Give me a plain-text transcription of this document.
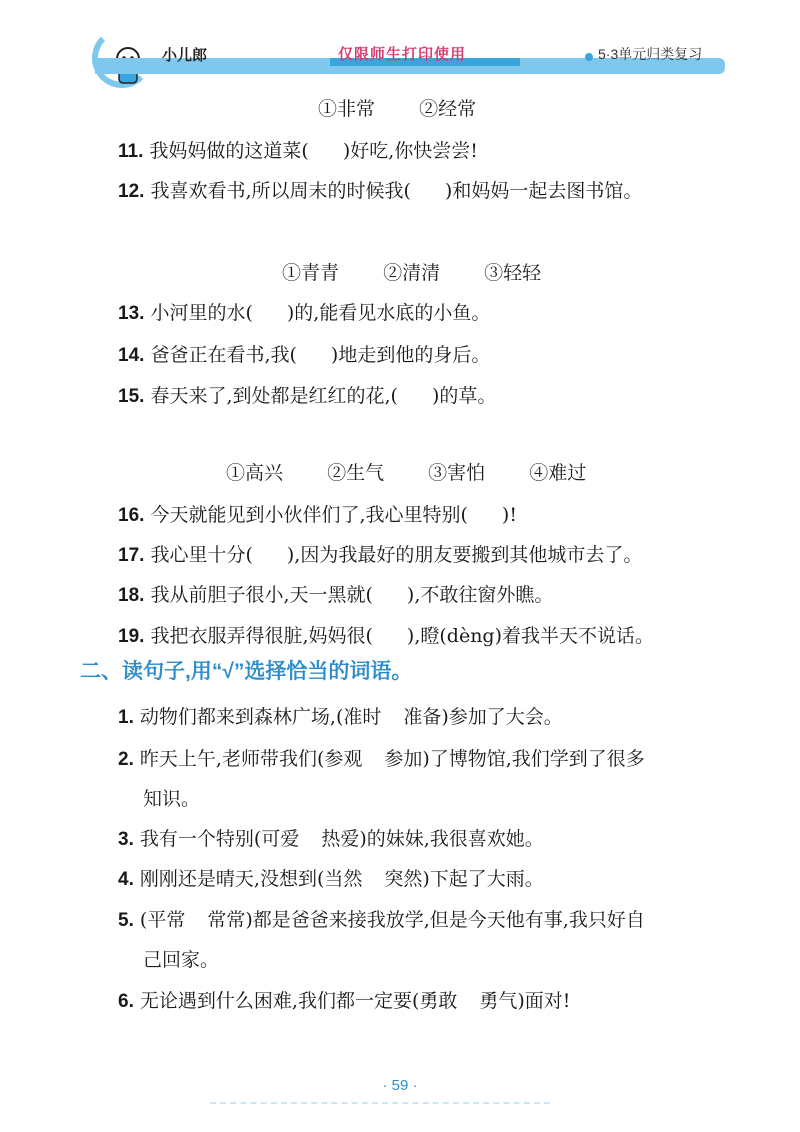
小儿郎	仅限师生打印使用	5·3单元归类复习
①非常 ②经常
11. 我妈妈做的这道菜( )好吃,你快尝尝!
12. 我喜欢看书,所以周末的时候我( )和妈妈一起去图书馆。
①青青 ②清清 ③轻轻
13. 小河里的水( )的,能看见水底的小鱼。
14. 爸爸正在看书,我( )地走到他的身后。
15. 春天来了,到处都是红红的花,( )的草。
①高兴 ②生气 ③害怕 ④难过
16. 今天就能见到小伙伴们了,我心里特别( )!
17. 我心里十分( ),因为我最好的朋友要搬到其他城市去了。
18. 我从前胆子很小,天一黑就( ),不敢往窗外瞧。
19. 我把衣服弄得很脏,妈妈很( ),瞪(dèng)着我半天不说话。
二、读句子,用“√”选择恰当的词语。
1. 动物们都来到森林广场,(准时 准备)参加了大会。
2. 昨天上午,老师带我们(参观 参加)了博物馆,我们学到了很多
知识。
3. 我有一个特别(可爱 热爱)的妹妹,我很喜欢她。
4. 刚刚还是晴天,没想到(当然 突然)下起了大雨。
5. (平常 常常)都是爸爸来接我放学,但是今天他有事,我只好自
己回家。
6. 无论遇到什么困难,我们都一定要(勇敢 勇气)面对!
· 59 ·
